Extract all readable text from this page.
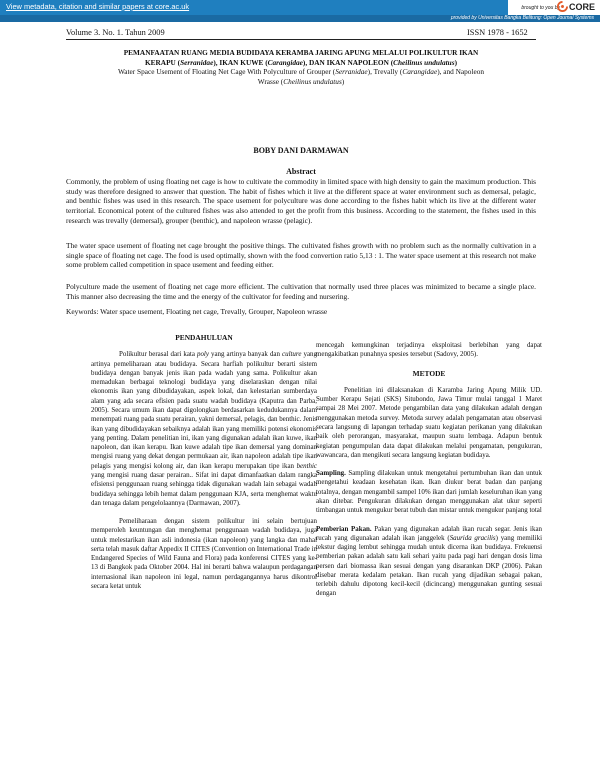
View metadata, citation and similar papers at core.ac.uk	brought to you by CORE
provided by Universitas Bangka Belitung: Open Journal Systems
Volume 3. No. 1. Tahun 2009	ISSN 1978 - 1652
PEMANFAATAN RUANG MEDIA BUDIDAYA KERAMBA JARING APUNG MELALUI POLIKULTUR IKAN
KERAPU (Serranidae), IKAN KUWE (Carangidae), DAN IKAN NAPOLEON (Cheilinus undulatus)
Water Space Usement of Floating Net Cage With Polyculture of Grouper (Serranidae), Trevally (Carangidae), and Napoleon
Wrasse (Cheilinus undulatus)
BOBY DANI DARMAWAN
Abstract
Commonly, the problem of using floating net cage is how to cultivate the commodity in limited space with high density to gain the maximum production. This study was therefore designed to answer that question. The habit of fishes which it live at the different space at water environment such as demersal, pelagic, and benthic fishes was used in this research. The space usement for polyculture was done according to the fishes habit which its live at the different water territorial. Economical potent of the cultured fishes was also attended to get the profit from this business. According to the statement, the fishes used in this research was trevally (demersal), grouper (benthic), and napoleon wrasse (pelagic).
The water space usement of floating net cage brought the positive things. The cultivated fishes growth with no problem such as the normally cultivation in a single space of floating net cage. The food is used optimally, shown with the food convertion ratio 5,13 : 1. The water space usement at this research not make some problem called competition in space usement and feeding either.
Polyculture made the usement of floating net cage more efficient. The cultivation that normally used three places was minimized to became a single place. This manner also decreasing the time and the energy of the cultivator for feeding and nursering.
Keywords: Water space usement, Floating net cage, Trevally, Grouper, Napoleon wrasse
PENDAHULUAN

Polikultur berasal dari kata poly yang artinya banyak dan culture yang artinya pemeliharaan atau budidaya. Secara harfiah polikultur berarti sistem budidaya dengan banyak jenis ikan pada wadah yang sama. Polikultur akan memadukan berbagai teknologi budidaya yang diselaraskan dengan nilai ekonomis ikan yang dibudidayakan, aspek lokal, dan kelestarian sumberdaya alam yang ada secara efisien pada suatu wadah budidaya (Kaputra dan Parba, 2005). Secara umum ikan dapat digolongkan berdasarkan kedudukannya dalam menempati ruang pada suatu perairan, yakni demersal, pelagis, dan benthic. Jenis ikan yang dibudidayakan sebaiknya adalah ikan yang memiliki potensi ekonomis yang penting. Dalam penelitian ini, ikan yang digunakan adalah ikan kuwe, ikan napoleon, dan ikan kerapu. Ikan kuwe adalah tipe ikan demersal yang dominan mengisi ruang yang dekat dengan permukaan air, ikan napoleon adalah tipe ikan pelagis yang mengisi kolong air, dan ikan kerapu merupakan tipe ikan benthic yang mengisi ruang dasar perairan.. Sifat ini dapat dimanfaatkan dalam rangka efisiensi penggunaan ruang sehingga tidak digunakan wadah lain sebagai wadah budidaya sehingga lebih hemat dalam penggunaan KJA, serta menghemat waktu dan tenaga dalam pengelolaannya (Darmawan, 2007).

Pemeliharaan dengan sistem polikultur ini selain bertujuan memperoleh keuntungan dan menghemat penggunaan wadah budidaya, juga untuk melestarikan ikan asli indonesia (ikan napoleon) yang langka dan mahal serta telah masuk daftar Appedix II CITES (Convention on International Trade in Endangered Species of Wild Fauna and Flora) pada konferensi CITES yang ke-13 di Bangkok pada Oktober 2004. Hal ini berarti bahwa walaupun perdagangan internasional ikan napoleon ini legal, namun perdagangannya harus dikontrol secara ketat untuk

mencegah kemungkinan terjadinya eksploitasi berlebihan yang dapat mengakibatkan punahnya spesies tersebut (Sadovy, 2005).

METODE

Penelitian ini dilaksanakan di Karamba Jaring Apung Milik UD. Sumber Kerapu Sejati (SKS) Situbondo, Jawa Timur mulai tanggal 1 Maret sampai 28 Mei 2007. Metode pengambilan data yang dilakukan adalah dengan menggunakan metoda survey. Metoda survey adalah pengamatan atau observasi secara langsung di lapangan terhadap suatu kegiatan perikanan yang dilakukan baik oleh perorangan, masyarakat, maupun suatu lembaga. Adapun bentuk kegiatan pengumpulan data dapat dilakukan melalui pengamatan, pengukuran, wawancara, dan mengikuti secara langsung kegiatan budidaya.

Sampling. Sampling dilakukan untuk mengetahui pertumbuhan ikan dan untuk mengetahui keadaan kesehatan ikan. Ikan diukur berat badan dan panjang totalnya, dengan mengambil sampel 10% ikan dari jumlah keseluruhan ikan yang akan ditebar. Pengukuran dilakukan dengan menggunakan alat ukur seperti timbangan untuk mengukur berat tubuh dan mistar untuk mengukur panjang total

Pemberian Pakan. Pakan yang digunakan adalah ikan rucah segar. Jenis ikan rucah yang digunakan adalah ikan janggelek (Saurida gracilis) yang memiliki tekstur daging lembut sehingga mudah untuk dicerna ikan budidaya. Frekuensi pemberian pakan adalah satu kali sehari yaitu pada pagi hari dengan dosis lima persen dari biomassa ikan sesuai dengan yang disarankan DKP (2006). Pakan disebar merata kedalam petakan. Ikan rucah yang dijadikan sebagai pakan, terlebih dahulu dipotong kecil-kecil (dicincang) menggunakan gunting sesuai dengan
